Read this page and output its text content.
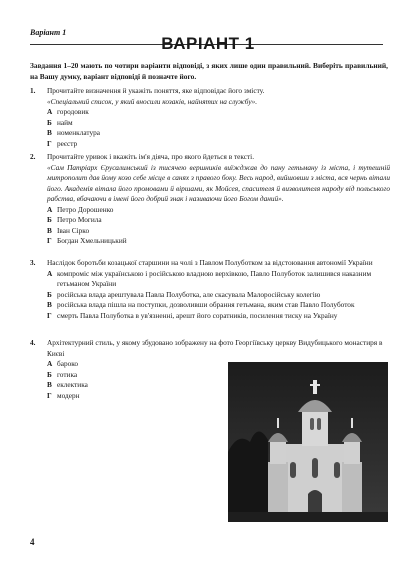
Варіант 1
ВАРІАНТ 1
Завдання 1–20 мають по чотири варіанти відповіді, з яких лише один правильний. Виберіть правильний, на Вашу думку, варіант відповіді й позначте його.
1. Прочитайте визначення й укажіть поняття, яке відповідає його змісту.
«Спеціальний список, у який вносили козаків, найнятих на службу».
А городовик
Б найм
В номенклатура
Г реєстр
2. Прочитайте уривок і вкажіть ім'я діяча, про якого йдеться в тексті.
«Сам Патріарх Єрусалимський із тисячею вершників виїжджав до пану гетьману із міста, і тутешній митрополит дав йому козо себе місце в санях з правого боку. Весь народ, вийшовши з міста, вся чернь вітали його. Академія вітала його промовами й віршами, як Мойсея, спасителя й визволителя народу від польського рабства, вбачаючи в імені його добрий знак і називаючи його Богом даний».
А Петро Дорошенко
Б Петро Могила
В Іван Сірко
Г Богдан Хмельницький
3. Наслідок боротьби козацької старшини на чолі з Павлом Полуботком за відстоювання автономії України
А компроміс між українською і російською владною верхівкою, Павло Полуботок залишився наказним гетьманом України
Б російська влада арештувала Павла Полуботка, але скасувала Малоросійську колегію
В російська влада пішла на поступки, дозволивши обрання гетьмана, яким став Павло Полуботок
Г смерть Павла Полуботка в ув'язненні, арешт його соратників, посилення тиску на Україну
4. Архітектурний стиль, у якому збудовано зображену на фото Георгіївську церкву Видубицького монастиря в Києві
А бароко
Б готика
В еклектика
Г модерн
4
